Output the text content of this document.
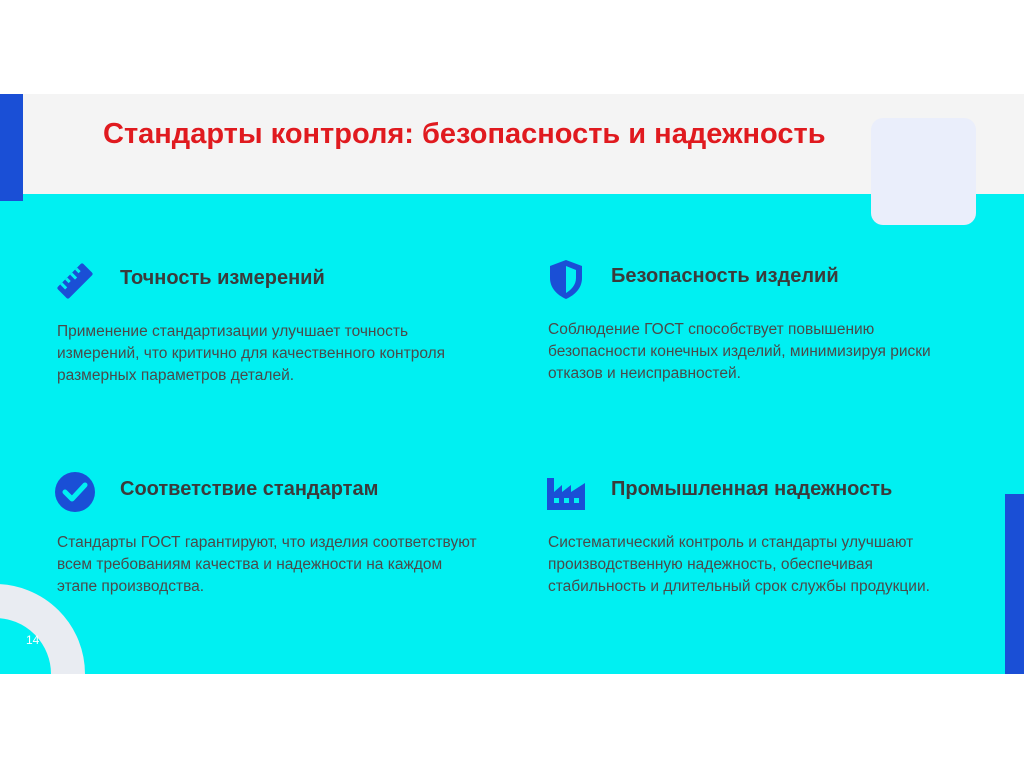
Стандарты контроля: безопасность и надежность
Точность измерений

Применение стандартизации улучшает точность измерений, что критично для качественного контроля размерных параметров деталей.

Безопасность изделий

Соблюдение ГОСТ способствует повышению безопасности конечных изделий, минимизируя риски отказов и неисправностей.

Соответствие стандартам

Стандарты ГОСТ гарантируют, что изделия соответствуют всем требованиям качества и надежности на каждом этапе производства.

Промышленная надежность

Систематический контроль и стандарты улучшают производственную надежность, обеспечивая стабильность и длительный срок службы продукции.

14
